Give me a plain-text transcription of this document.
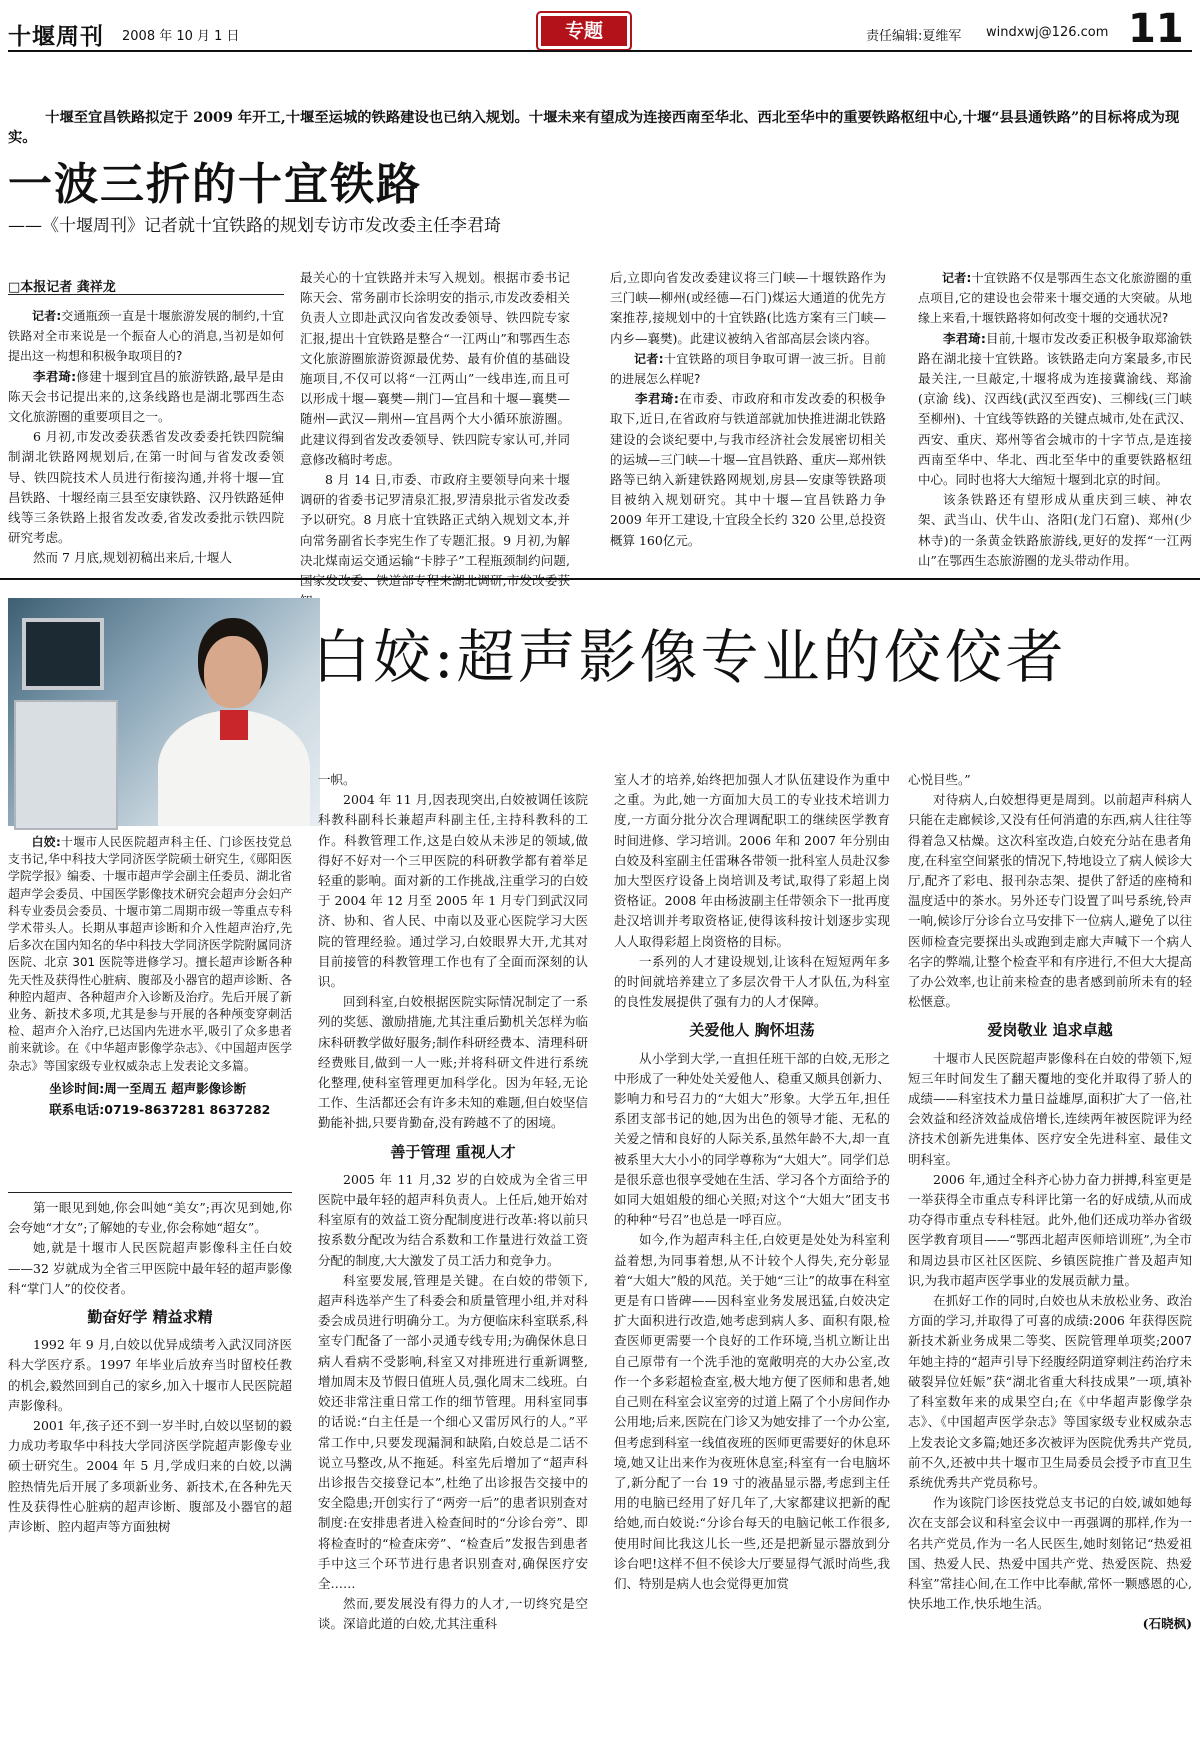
十堰周刊 2008 年 10 月 1 日	专题	责任编辑:夏维军 windxwj@126.com 11
十堰至宜昌铁路拟定于 2009 年开工,十堰至运城的铁路建设也已纳入规划。十堰未来有望成为连接西南至华北、西北至华中的重要铁路枢纽中心,十堰“县县通铁路”的目标将成为现实。
一波三折的十宜铁路
——《十堰周刊》记者就十宜铁路的规划专访市发改委主任李君琦
□本报记者 龚祥龙

记者:交通瓶颈一直是十堰旅游发展的制约,十宜铁路对全市来说是一个振奋人心的消息,当初是如何提出这一构想和积极争取项目的?

李君琦:修建十堰到宜昌的旅游铁路,最早是由陈天会书记提出来的,这条线路也是湖北鄂西生态文化旅游圈的重要项目之一。

6 月初,市发改委获悉省发改委委托铁四院编制湖北铁路网规划后,在第一时间与省发改委领导、铁四院技术人员进行衔接沟通,并将十堰—宜昌铁路、十堰经南三县至安康铁路、汉丹铁路延伸线等三条铁路上报省发改委,省发改委批示铁四院研究考虑。

然而 7 月底,规划初稿出来后,十堰人

最关心的十宜铁路并未写入规划。根据市委书记陈天会、常务副市长涂明安的指示,市发改委相关负责人立即赴武汉向省发改委领导、铁四院专家汇报,提出十宜铁路是整合“一江两山”和鄂西生态文化旅游圈旅游资源最优势、最有价值的基础设施项目,不仅可以将“一江两山”一线串连,而且可以形成十堰—襄樊—荆门—宜昌和十堰—襄樊—随州—武汉—荆州—宜昌两个大小循环旅游圈。此建议得到省发改委领导、铁四院专家认可,并同意修改稿时考虑。

8 月 14 日,市委、市政府主要领导向来十堰调研的省委书记罗清泉汇报,罗清泉批示省发改委予以研究。8 月底十宜铁路正式纳入规划文本,并向常务副省长李宪生作了专题汇报。9 月初,为解决北煤南运交通运输“卡脖子”工程瓶颈制约问题,国家发改委、铁道部专程来湖北调研,市发改委获

后,立即向省发改委建议将三门峡—十堰铁路作为三门峡—柳州(或经德—石门)煤运大通道的优先方案推荐,接规划中的十宜铁路(比选方案有三门峡—内乡—襄樊)。此建议被纳入省部高层会谈内容。

记者:十宜铁路的项目争取可谓一波三折。目前的进展怎么样呢?

李君琦:在市委、市政府和市发改委的积极争取下,近日,在省政府与铁道部就加快推进湖北铁路建设的会谈纪要中,与我市经济社会发展密切相关的运城—三门峡—十堰—宜昌铁路、重庆—郑州铁路等已纳入新建铁路网规划,房县—安康等铁路项目被纳入规划研究。其中十堰—宜昌铁路力争 2009 年开工建设,十宜段全长约 320 公里,总投资概算 160亿元。

记者:十宜铁路不仅是鄂西生态文化旅游圈的重点项目,它的建设也会带来十堰交通的大突破。从地缘上来看,十堰铁路将如何改变十堰的交通状况?

李君琦:目前,十堰市发改委正积极争取郑渝铁路在湖北接十宜铁路。该铁路走向方案最多,市民最关注,一旦敲定,十堰将成为连接冀渝线、郑渝(京渝 线)、汉西线(武汉至西安)、三柳线(三门峡至柳州)、十宜线等铁路的关键点城市,处在武汉、西安、重庆、郑州等省会城市的十字节点,是连接西南至华中、华北、西北至华中的重要铁路枢纽中心。同时也将大大缩短十堰到北京的时间。

该条铁路还有望形成从重庆到三峡、神农架、武当山、伏牛山、洛阳(龙门石窟)、郑州(少林寺)的一条黄金铁路旅游线,更好的发挥“一江两山”在鄂西生态旅游圈的龙头带动作用。

白姣:超声影像专业的佼佼者
白姣:十堰市人民医院超声科主任、门诊医技党总支书记,华中科技大学同济医学院硕士研究生,《郧阳医学院学报》编委、十堰市超声学会副主任委员、湖北省超声学会委员、中国医学影像技术研究会超声分会妇产科专业委员会委员、十堰市第二周期市级一等重点专科学术带头人。长期从事超声诊断和介入性超声治疗,先后多次在国内知名的华中科技大学同济医学院附属同济医院、北京 301 医院等进修学习。擅长超声诊断各种先天性及获得性心脏病、腹部及小器官的超声诊断、各种腔内超声、各种超声介入诊断及治疗。先后开展了新业务、新技术多项,尤其是参与开展的各种颅变穿刺活检、超声介入治疗,已达国内先进水平,吸引了众多患者前来就诊。在《中华超声影像学杂志》、《中国超声医学杂志》等国家级专业权威杂志上发表论文多篇。
坐诊时间:周一至周五 超声影像诊断
联系电话:0719-8637281 8637282

第一眼见到她,你会叫她“美女”;再次见到她,你会夸她“才女”;了解她的专业,你会称她“超女”。

她,就是十堰市人民医院超声影像科主任白姣——32 岁就成为全省三甲医院中最年轻的超声影像科“掌门人”的佼佼者。

勤奋好学 精益求精

1992 年 9 月,白姣以优异成绩考入武汉同济医科大学医疗系。1997 年毕业后放弃当时留校任教的机会,毅然回到自己的家乡,加入十堰市人民医院超声影像科。

2001 年,孩子还不到一岁半时,白姣以坚韧的毅力成功考取华中科技大学同济医学院超声影像专业硕士研究生。2004 年 5 月,学成归来的白姣,以满腔热情先后开展了多项新业务、新技术,在各种先天性及获得性心脏病的超声诊断、腹部及小器官的超声诊断、腔内超声等方面独树

一帜。

2004 年 11 月,因表现突出,白姣被调任该院科教科副科长兼超声科副主任,主持科教科的工作。科教管理工作,这是白姣从未涉足的领域,做得好不好对一个三甲医院的科研教学都有着举足轻重的影响。面对新的工作挑战,注重学习的白姣于 2004 年 12 月至 2005 年 1 月专门到武汉同济、协和、省人民、中南以及亚心医院学习大医院的管理经验。通过学习,白姣眼界大开,尤其对目前接管的科教管理工作也有了全面而深刻的认识。

回到科室,白姣根据医院实际情况制定了一系列的奖惩、激励措施,尤其注重后勤机关怎样为临床科研教学做好服务;制作科研经费本、清理科研经费账目,做到一人一账;并将科研文件进行系统化整理,使科室管理更加科学化。因为年轻,无论工作、生活都还会有许多未知的难题,但白姣坚信勤能补拙,只要肯勤奋,没有跨越不了的困境。

善于管理 重视人才

2005 年 11 月,32 岁的白姣成为全省三甲医院中最年轻的超声科负责人。上任后,她开始对科室原有的效益工资分配制度进行改革:将以前只按系数分配改为结合系数和工作量进行效益工资分配的制度,大大激发了员工活力和竞争力。

科室要发展,管理是关键。在白姣的带领下,超声科选举产生了科委会和质量管理小组,并对科委会成员进行明确分工。为方便临床科室联系,科室专门配备了一部小灵通专线专用;为确保休息日病人看病不受影响,科室又对排班进行重新调整,增加周末及节假日值班人员,强化周末二线班。白姣还非常注重日常工作的细节管理。用科室同事的话说:“白主任是一个细心又雷厉风行的人。”平常工作中,只要发现漏洞和缺陷,白姣总是二话不说立马整改,从不拖延。科室先后增加了“超声科出诊报告交接登记本”,杜绝了出诊报告交接中的安全隐患;开创实行了“两旁一后”的患者识别查对制度:在安排患者进入检查间时的“分诊台旁”、即将检查时的“检查床旁”、“检查后”发报告到患者手中这三个环节进行患者识别查对,确保医疗安全……

然而,要发展没有得力的人才,一切终究是空谈。深谙此道的白姣,尤其注重科

室人才的培养,始终把加强人才队伍建设作为重中之重。为此,她一方面加大员工的专业技术培训力度,一方面分批分次合理调配职工的继续医学教育时间进修、学习培训。2006 年和 2007 年分别由白姣及科室副主任雷琳各带领一批科室人员赴汉参加大型医疗设备上岗培训及考试,取得了彩超上岗资格证。2008 年由杨波副主任带领余下一批再度赴汉培训并考取资格证,使得该科按计划逐步实现人人取得彩超上岗资格的目标。

一系列的人才建设规划,让该科在短短两年多的时间就培养建立了多层次骨干人才队伍,为科室的良性发展提供了强有力的人才保障。

关爱他人 胸怀坦荡

从小学到大学,一直担任班干部的白姣,无形之中形成了一种处处关爱他人、稳重又颇具创新力、影响力和号召力的“大姐大”形象。大学五年,担任系团支部书记的她,因为出色的领导才能、无私的关爱之情和良好的人际关系,虽然年龄不大,却一直被系里大大小小的同学尊称为“大姐大”。同学们总是很乐意也很享受她在生活、学习各个方面给予的如同大姐姐般的细心关照;对这个“大姐大”团支书的种种“号召”也总是一呼百应。

如今,作为超声科主任,白姣更是处处为科室利益着想,为同事着想,从不计较个人得失,充分彰显着“大姐大”般的风范。关于她“三让”的故事在科室更是有口皆碑——因科室业务发展迅猛,白姣决定扩大面积进行改造,她考虑到病人多、面积有限,检查医师更需要一个良好的工作环境,当机立断让出自己原带有一个洗手池的宽敞明亮的大办公室,改作一个多彩超检查室,极大地方便了医师和患者,她自己则在科室会议室旁的过道上隔了个小房间作办公用地;后来,医院在门诊又为她安排了一个办公室,但考虑到科室一线值夜班的医师更需要好的休息环境,她又让出来作为夜班休息室;科室有一台电脑坏了,新分配了一台 19 寸的液晶显示器,考虑到主任用的电脑已经用了好几年了,大家都建议把新的配给她,而白姣说:“分诊台每天的电脑记帐工作很多,使用时间比我这儿长一些,还是把新显示器放到分诊台吧!这样不但不侯诊大厅要显得气派时尚些,我们、特别是病人也会觉得更加赏

心悦目些。”

对待病人,白姣想得更是周到。以前超声科病人只能在走廊候诊,又没有任何消遣的东西,病人往往等得着急又枯燥。这次科室改造,白姣充分站在患者角度,在科室空间紧张的情况下,特地设立了病人候诊大厅,配齐了彩电、报刊杂志架、提供了舒适的座椅和温度适中的茶水。另外还专门设置了叫号系统,铃声一响,候诊厅分诊台立马安排下一位病人,避免了以往医师检查完要探出头或跑到走廊大声喊下一个病人名字的弊端,让整个检查平和有序进行,不但大大提高了办公效率,也让前来检查的患者感到前所未有的轻松惬意。

爱岗敬业 追求卓越

十堰市人民医院超声影像科在白姣的带领下,短短三年时间发生了翻天覆地的变化并取得了骄人的成绩——科室技术力量日益雄厚,面积扩大了一倍,社会效益和经济效益成倍增长,连续两年被医院评为经济技术创新先进集体、医疗安全先进科室、最佳文明科室。

2006 年,通过全科齐心协力奋力拼搏,科室更是一举获得全市重点专科评比第一名的好成绩,从而成功夺得市重点专科桂冠。此外,他们还成功举办省级医学教育项目——“鄂西北超声医师培训班”,为全市和周边县市区社区医院、乡镇医院推广普及超声知识,为我市超声医学事业的发展贡献力量。

在抓好工作的同时,白姣也从未放松业务、政治方面的学习,并取得了可喜的成绩:2006 年获得医院新技术新业务成果二等奖、医院管理单项奖;2007 年她主持的“超声引导下经腹经阴道穿刺注药治疗未破裂异位妊娠”获“湖北省重大科技成果”一项,填补了科室数年来的成果空白;在《中华超声影像学杂志》、《中国超声医学杂志》等国家级专业权威杂志上发表论文多篇;她还多次被评为医院优秀共产党员,前不久,还被中共十堰市卫生局委员会授予市直卫生系统优秀共产党员称号。

作为该院门诊医技党总支书记的白姣,诚如她每次在支部会议和科室会议中一再强调的那样,作为一名共产党员,作为一名人民医生,她时刻铭记“热爱祖国、热爱人民、热爱中国共产党、热爱医院、热爱科室”常挂心间,在工作中比奉献,常怀一颗感恩的心,快乐地工作,快乐地生活。

(石晓枫)
